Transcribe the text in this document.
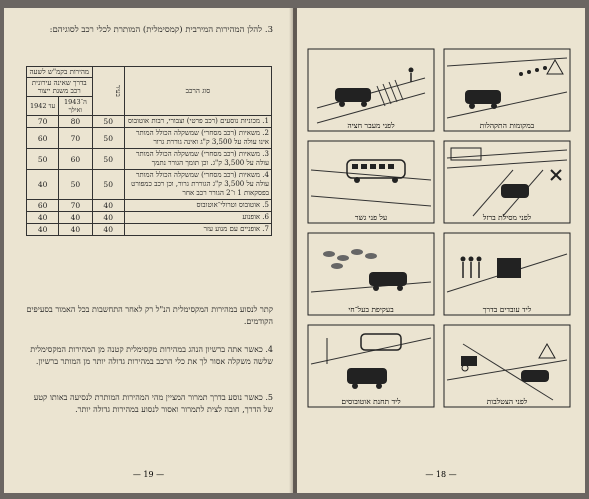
3. להלן המהירות המירבית (קמסימלית) המותרת לכלי רכב לסוגיהם:
סוג הרכב	בעיר	מהירות בקמ"ש לשעה	
		בדרך שאינה עירונית
רכב משנת ייצור	
		ה־1943 ואילך	עד 1942
1. מכוניות נוסעים (רכב פרטי) וצבורי, רבות אוטובוס	50	80	70
2. משאיות (רכב מסחרי) שמשקלה הכולל המותר אינו עולה על 3,500 ק"ג ואינה גוררת גרור	50	70	60
3. משאיות (רכב מסחרי) שמשקלה הכולל המותר עולה על 3,500 ק"ג. וכן תומך הגורר נתמך	50	60	50
4. משאיות (רכב מסחרי) שמשקלה הכולל המותר עולה על 3,500 ק"ג הגוררת גרור, וכן רכב כמפורט בפסקאות 1 ו־2 הגורר רכב אחר	50	50	40
5. אוטובוס וטרולי־אוטובוס	40	70	60
6. אופנוע	40	40	40
7. אופניים עם מנוע עזר	40	40	40
קתר לנסוע במהירות המקסימלית הנ"ל רק לאחר התחשבות בכל האמור בסעיפים הקודמים.
4. כאשר אתה ברשיון הנהג במהירות מקסימלית קטנה מן המהירות המקסימלית שלשה משקלה אסור לך את כלי הרכב במהירות גדולה יותר מן המותר ברשיון.
5. כאשר נוסע בדרך תמרור המציין מהי המהירות המותרת לנסיעה באותו קטע של הדרך, חובה לצית לתמרור ואסור לנסוע במהירות גדולה יותר.
— 19 —
לפני מעבר חציה	במקומות התקהלות
על פני גשר	לפני מסילת ברזל
בעקיפת בעל־חי	ליד עובדים בדרך
ליד תחנת אוטובוסים	לפני הצטלבות
— 18 —
